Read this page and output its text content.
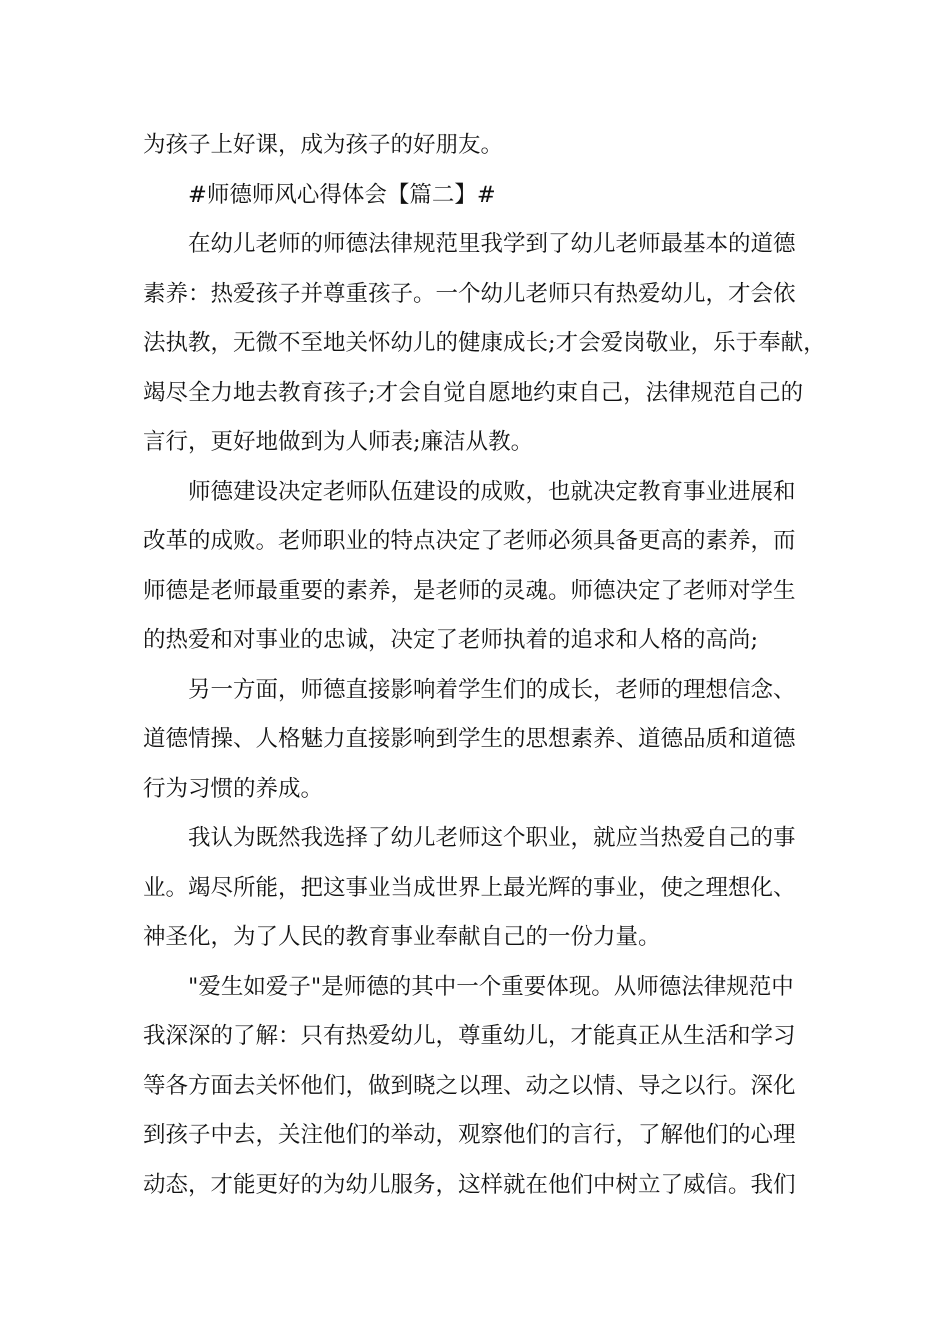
为孩子上好课，成为孩子的好朋友。
#师德师风心得体会【篇二】#
在幼儿老师的师德法律规范里我学到了幼儿老师最基本的道德
素养：热爱孩子并尊重孩子。一个幼儿老师只有热爱幼儿，才会依
法执教，无微不至地关怀幼儿的健康成长;才会爱岗敬业，乐于奉献，
竭尽全力地去教育孩子;才会自觉自愿地约束自己，法律规范自己的
言行，更好地做到为人师表;廉洁从教。
师德建设决定老师队伍建设的成败，也就决定教育事业进展和
改革的成败。老师职业的特点决定了老师必须具备更高的素养，而
师德是老师最重要的素养，是老师的灵魂。师德决定了老师对学生
的热爱和对事业的忠诚，决定了老师执着的追求和人格的高尚;
另一方面，师德直接影响着学生们的成长，老师的理想信念、
道德情操、人格魅力直接影响到学生的思想素养、道德品质和道德
行为习惯的养成。
我认为既然我选择了幼儿老师这个职业，就应当热爱自己的事
业。竭尽所能，把这事业当成世界上最光辉的事业，使之理想化、
神圣化，为了人民的教育事业奉献自己的一份力量。
"爱生如爱子"是师德的其中一个重要体现。从师德法律规范中
我深深的了解：只有热爱幼儿，尊重幼儿，才能真正从生活和学习
等各方面去关怀他们，做到晓之以理、动之以情、导之以行。深化
到孩子中去，关注他们的举动，观察他们的言行，了解他们的心理
动态，才能更好的为幼儿服务，这样就在他们中树立了威信。我们
